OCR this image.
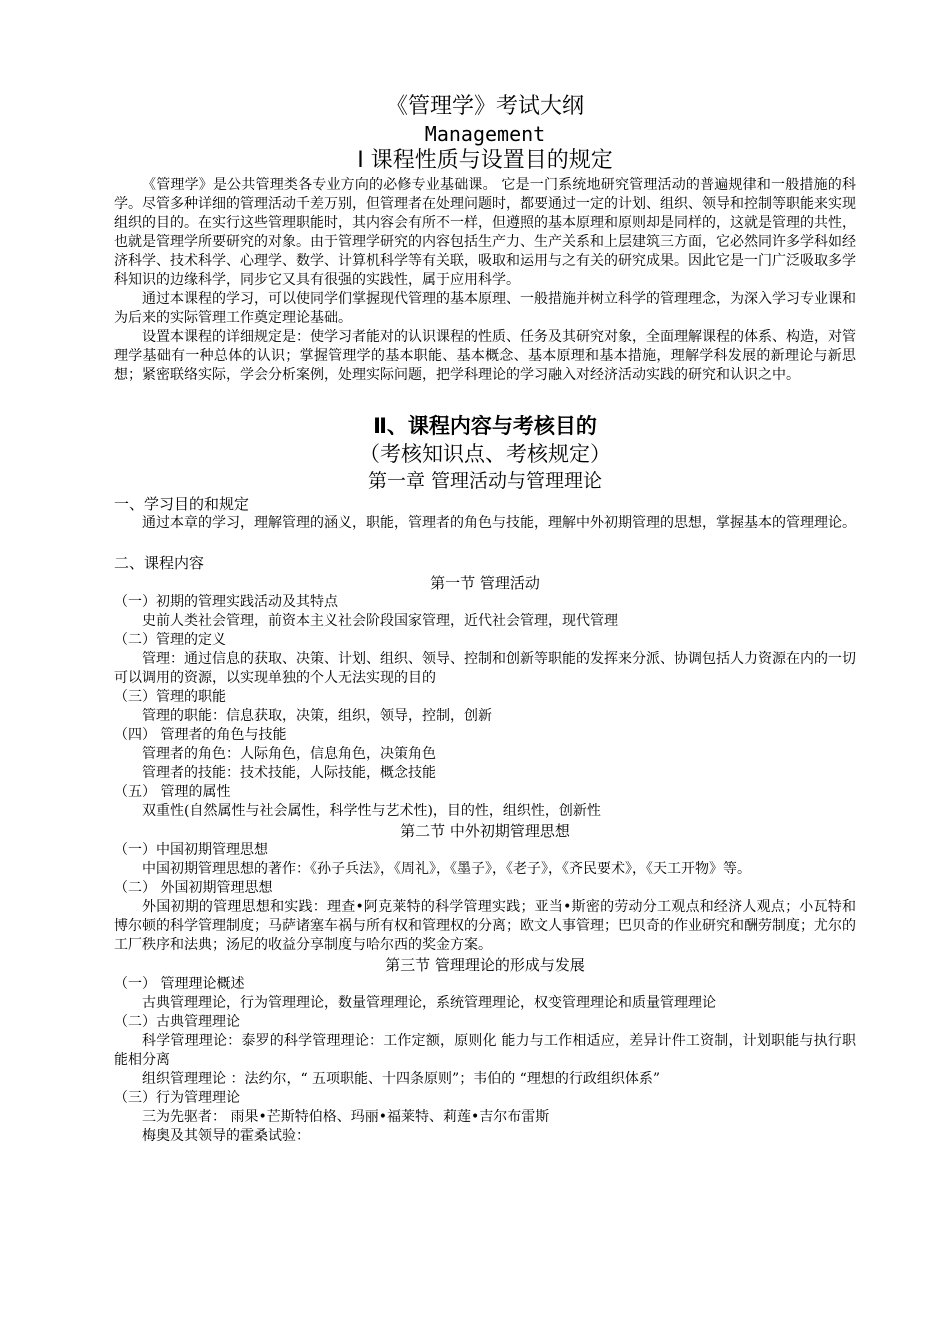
《管理学》考试大纲

Management

Ⅰ 课程性质与设置目的规定

《管理学》是公共管理类各专业方向的必修专业基础课。 它是一门系统地研究管理活动的普遍规律和一般措施的科学。尽管多种详细的管理活动千差万别，但管理者在处理问题时，都要通过一定的计划、组织、领导和控制等职能来实现组织的目的。在实行这些管理职能时，其内容会有所不一样，但遵照的基本原理和原则却是同样的，这就是管理的共性，也就是管理学所要研究的对象。由于管理学研究的内容包括生产力、生产关系和上层建筑三方面，它必然同许多学科如经济科学、技术科学、心理学、数学、计算机科学等有关联，吸取和运用与之有关的研究成果。因此它是一门广泛吸取多学科知识的边缘科学，同步它又具有很强的实践性，属于应用科学。

通过本课程的学习，可以使同学们掌握现代管理的基本原理、一般措施并树立科学的管理理念，为深入学习专业课和为后来的实际管理工作奠定理论基础。

设置本课程的详细规定是：使学习者能对的认识课程的性质、任务及其研究对象，全面理解课程的体系、构造，对管理学基础有一种总体的认识；掌握管理学的基本职能、基本概念、基本原理和基本措施，理解学科发展的新理论与新思想；紧密联络实际，学会分析案例，处理实际问题，把学科理论的学习融入对经济活动实践的研究和认识之中。

Ⅱ、课程内容与考核目的

（考核知识点、考核规定）

第一章 管理活动与管理理论

一、学习目的和规定

通过本章的学习，理解管理的涵义，职能，管理者的角色与技能，理解中外初期管理的思想，掌握基本的管理理论。

二、课程内容

第一节 管理活动

（一）初期的管理实践活动及其特点

史前人类社会管理，前资本主义社会阶段国家管理，近代社会管理，现代管理

（二）管理的定义

管理：通过信息的获取、决策、计划、组织、领导、控制和创新等职能的发挥来分派、协调包括人力资源在内的一切可以调用的资源，以实现单独的个人无法实现的目的

（三）管理的职能

管理的职能：信息获取，决策，组织，领导，控制，创新

（四） 管理者的角色与技能

管理者的角色：人际角色，信息角色，决策角色

管理者的技能：技术技能，人际技能，概念技能

（五） 管理的属性

双重性(自然属性与社会属性，科学性与艺术性)，目的性，组织性，创新性

第二节 中外初期管理思想

（一）中国初期管理思想

中国初期管理思想的著作：《孙子兵法》，《周礼》，《墨子》，《老子》，《齐民要术》，《天工开物》等。

（二） 外国初期管理思想

外国初期的管理思想和实践：理查•阿克莱特的科学管理实践；亚当•斯密的劳动分工观点和经济人观点；小瓦特和博尔顿的科学管理制度；马萨诸塞车祸与所有权和管理权的分离；欧文人事管理；巴贝奇的作业研究和酬劳制度；尤尔的工厂秩序和法典；汤尼的收益分享制度与哈尔西的奖金方案。

第三节 管理理论的形成与发展

（一） 管理理论概述

古典管理理论，行为管理理论，数量管理理论，系统管理理论，权变管理理论和质量管理理论

（二）古典管理理论

科学管理理论：泰罗的科学管理理论：工作定额，原则化 能力与工作相适应，差异计件工资制，计划职能与执行职能相分离

组织管理理论 ：法约尔，“ 五项职能、十四条原则”；韦伯的 “理想的行政组织体系”

（三）行为管理理论

三为先驱者： 雨果•芒斯特伯格、玛丽•福莱特、莉莲•吉尔布雷斯

梅奥及其领导的霍桑试验：
